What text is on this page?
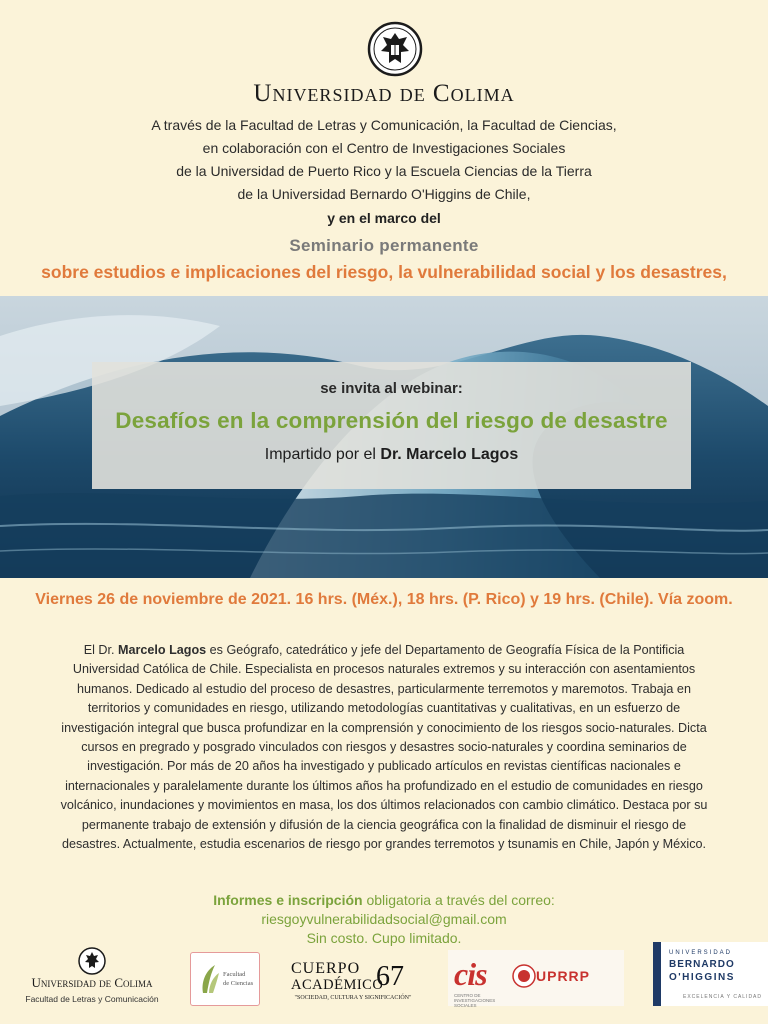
Universidad de Colima
A través de la Facultad de Letras y Comunicación, la Facultad de Ciencias,
en colaboración con el Centro de Investigaciones Sociales
de la Universidad de Puerto Rico y la Escuela Ciencias de la Tierra
de la Universidad Bernardo O'Higgins de Chile,
y en el marco del
Seminario permanente
sobre estudios e implicaciones del riesgo, la vulnerabilidad social y los desastres,
se invita al webinar:
Desafíos en la comprensión del riesgo de desastre
Impartido por el Dr. Marcelo Lagos
Viernes 26 de noviembre de 2021. 16 hrs. (Méx.), 18 hrs. (P. Rico) y 19 hrs. (Chile). Vía zoom.
El Dr. Marcelo Lagos es Geógrafo, catedrático y jefe del Departamento de Geografía Física de la Pontificia Universidad Católica de Chile. Especialista en procesos naturales extremos y su interacción con asentamientos humanos. Dedicado al estudio del proceso de desastres, particularmente terremotos y maremotos. Trabaja en territorios y comunidades en riesgo, utilizando metodologías cuantitativas y cualitativas, en un esfuerzo de investigación integral que busca profundizar en la comprensión y conocimiento de los riesgos socio-naturales. Dicta cursos en pregrado y posgrado vinculados con riesgos y desastres socio-naturales y coordina seminarios de investigación. Por más de 20 años ha investigado y publicado artículos en revistas científicas nacionales e internacionales y paralelamente durante los últimos años ha profundizado en el estudio de comunidades en riesgo volcánico, inundaciones y movimientos en masa, los dos últimos relacionados con cambio climático. Destaca por su permanente trabajo de extensión y difusión de la ciencia geográfica con la finalidad de disminuir el riesgo de desastres. Actualmente, estudia escenarios de riesgo por grandes terremotos y tsunamis en Chile, Japón y México.
Informes e inscripción obligatoria a través del correo:
riesgoyvulnerabilidadsocial@gmail.com
Sin costo. Cupo limitado.
Universidad de Colima
Facultad de Letras y Comunicación
Facultad
de Ciencias
CUERPO
ACADÉMICO
67
"SOCIEDAD, CULTURA Y SIGNIFICACIÓN"
cis
CENTRO DE INVESTIGACIONES SOCIALES
UPRRP
UNIVERSIDAD
BERNARDO
O'HIGGINS
EXCELENCIA Y CALIDAD
